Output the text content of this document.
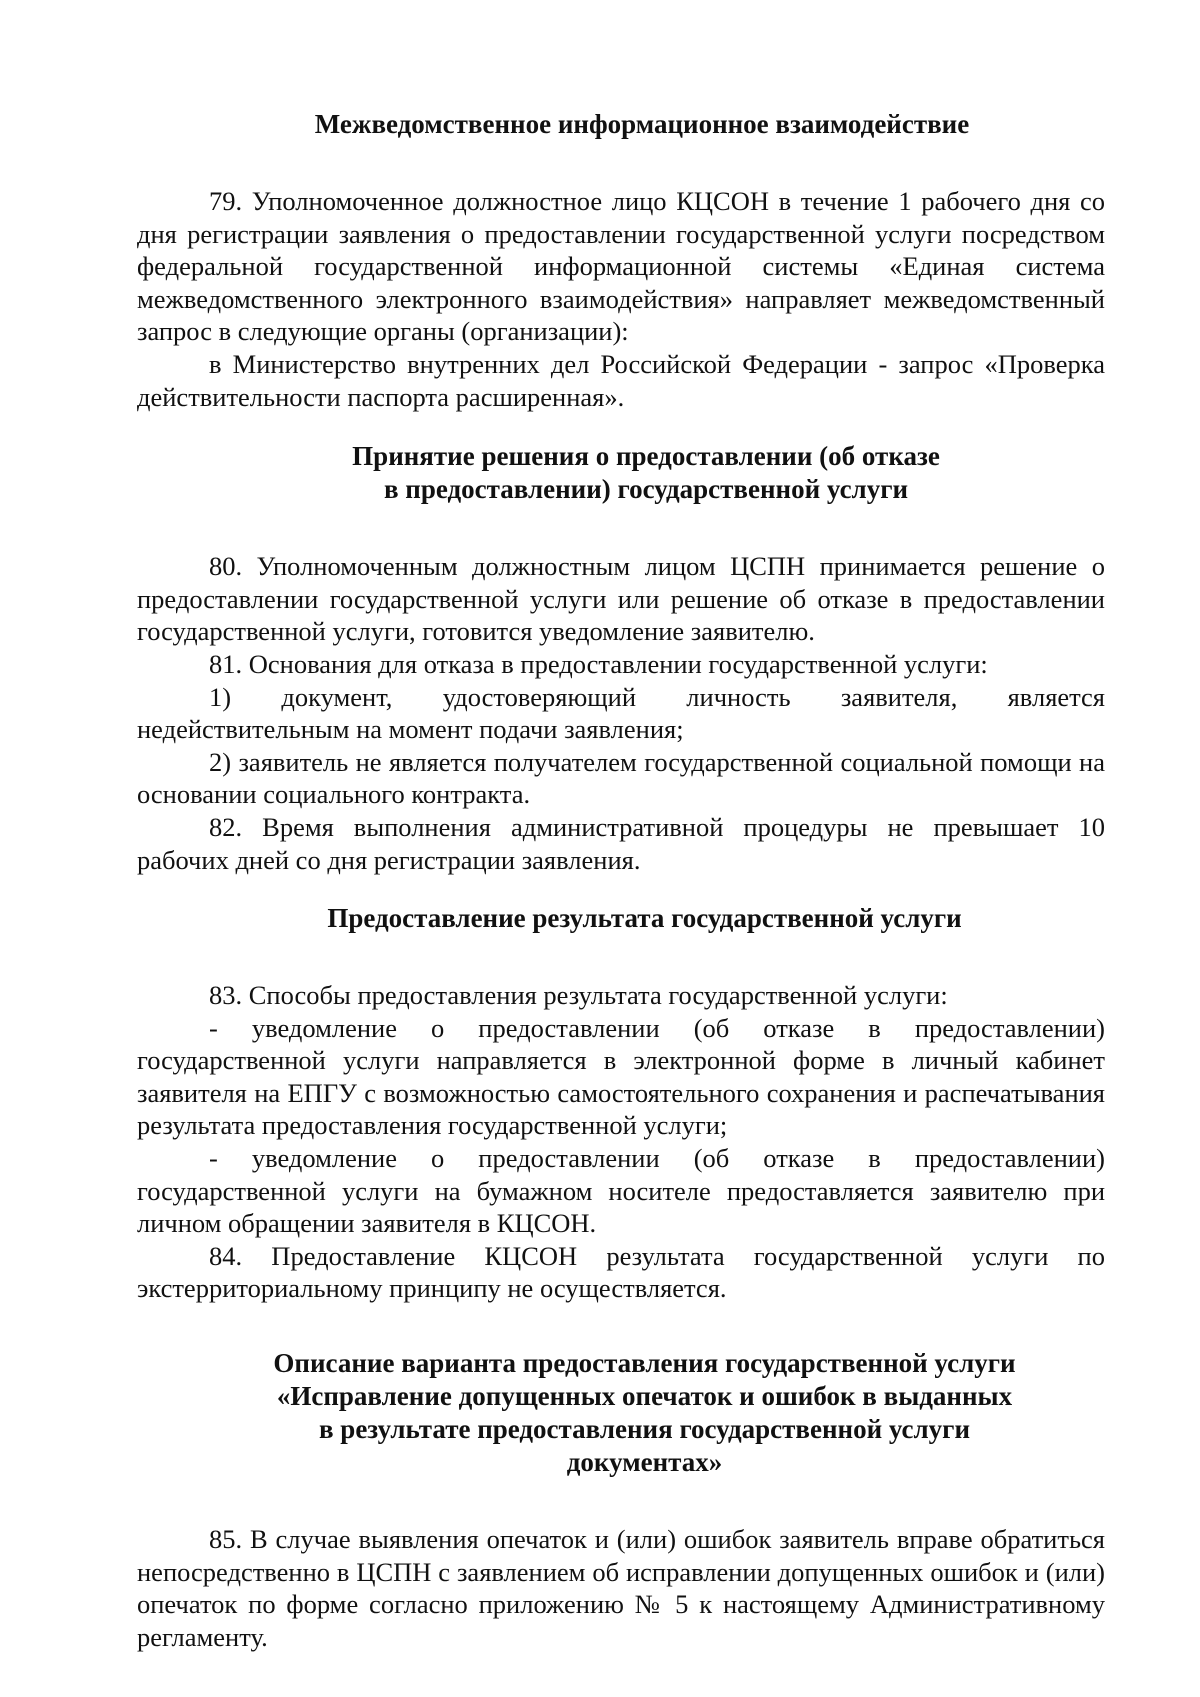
Межведомственное информационное взаимодействие

79. Уполномоченное должностное лицо КЦСОН в течение 1 рабочего дня со дня регистрации заявления о предоставлении государственной услуги посредством федеральной государственной информационной системы «Единая система межведомственного электронного взаимодействия» направляет межведомственный запрос в следующие органы (организации):

в Министерство внутренних дел Российской Федерации - запрос «Проверка действительности паспорта расширенная».

Принятие решения о предоставлении (об отказе
в предоставлении) государственной услуги

80. Уполномоченным должностным лицом ЦСПН принимается решение о предоставлении государственной услуги или решение об отказе в предоставлении государственной услуги, готовится уведомление заявителю.

81. Основания для отказа в предоставлении государственной услуги:

1) документ, удостоверяющий личность заявителя, является недействительным на момент подачи заявления;

2) заявитель не является получателем государственной социальной помощи на основании социального контракта.

82. Время выполнения административной процедуры не превышает 10 рабочих дней со дня регистрации заявления.

Предоставление результата государственной услуги

83. Способы предоставления результата государственной услуги:

- уведомление о предоставлении (об отказе в предоставлении) государственной услуги направляется в электронной форме в личный кабинет заявителя на ЕПГУ с возможностью самостоятельного сохранения и распечатывания результата предоставления государственной услуги;

- уведомление о предоставлении (об отказе в предоставлении) государственной услуги на бумажном носителе предоставляется заявителю при личном обращении заявителя в КЦСОН.

84. Предоставление КЦСОН результата государственной услуги по экстерриториальному принципу не осуществляется.

Описание варианта предоставления государственной услуги
«Исправление допущенных опечаток и ошибок в выданных
в результате предоставления государственной услуги
документах»

85. В случае выявления опечаток и (или) ошибок заявитель вправе обратиться непосредственно в ЦСПН с заявлением об исправлении допущенных ошибок и (или) опечаток по форме согласно приложению № 5 к настоящему Административному регламенту.
